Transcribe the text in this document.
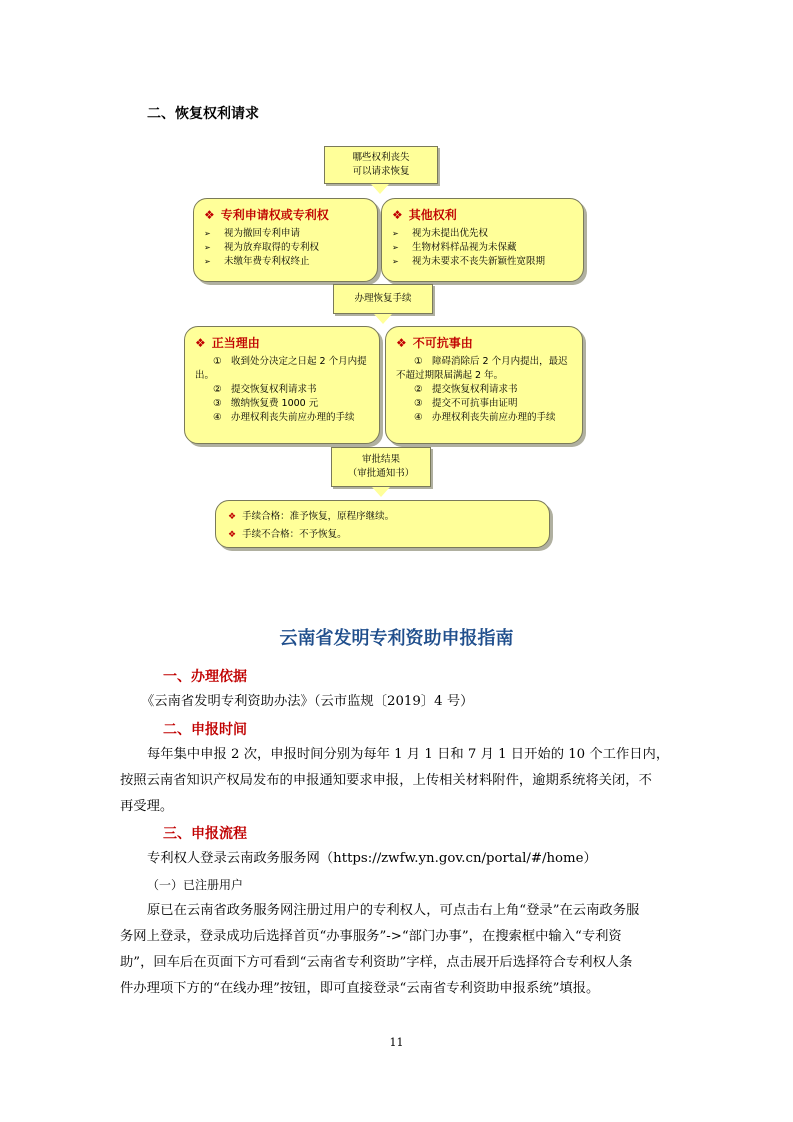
二、恢复权利请求
哪些权利丧失
可以请求恢复
❖ 专利申请权或专利权
➢	视为撤回专利申请
➢	视为放弃取得的专利权
➢	未缴年费专利权终止
❖ 其他权利
➢	视为未提出优先权
➢	生物材料样品视为未保藏
➢	视为未要求不丧失新颖性宽限期
办理恢复手续
❖ 正当理由
①　收到处分决定之日起 2 个月内提出。
②　提交恢复权利请求书
③　缴纳恢复费 1000 元
④　办理权利丧失前应办理的手续
❖ 不可抗事由
①　障碍消除后 2 个月内提出，最迟不超过期限届满起 2 年。
②　提交恢复权利请求书
③　提交不可抗事由证明
④　办理权利丧失前应办理的手续
审批结果
（审批通知书）
❖ 手续合格：准予恢复，原程序继续。
❖ 手续不合格：不予恢复。
云南省发明专利资助申报指南
一、办理依据
《云南省发明专利资助办法》（云市监规〔2019〕4 号）
二、申报时间
每年集中申报 2 次，申报时间分别为每年 1 月 1 日和 7 月 1 日开始的 10 个工作日内，
按照云南省知识产权局发布的申报通知要求申报，上传相关材料附件，逾期系统将关闭，不
再受理。
三、申报流程
专利权人登录云南政务服务网（https://zwfw.yn.gov.cn/portal/#/home）
（一）已注册用户
原已在云南省政务服务网注册过用户的专利权人，可点击右上角“登录”在云南政务服
务网上登录，登录成功后选择首页“办事服务”->“部门办事”，在搜索框中输入“专利资
助”，回车后在页面下方可看到“云南省专利资助”字样，点击展开后选择符合专利权人条
件办理项下方的“在线办理”按钮，即可直接登录“云南省专利资助申报系统”填报。
11
